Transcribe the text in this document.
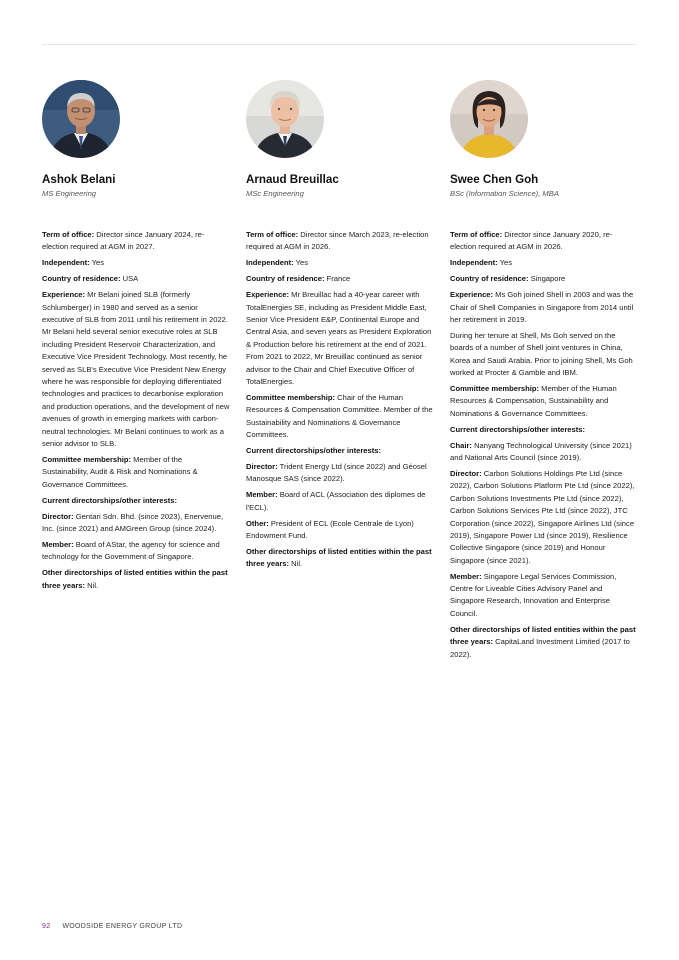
Ashok Belani
MS Engineering

Term of office: Director since January 2024, re-election required at AGM in 2027.

Independent: Yes

Country of residence: USA

Experience: Mr Belani joined SLB (formerly Schlumberger) in 1980 and served as a senior executive of SLB from 2011 until his retirement in 2022. Mr Belani held several senior executive roles at SLB including President Reservoir Characterization, and Executive Vice President Technology. Most recently, he served as SLB's Executive Vice President New Energy where he was responsible for deploying differentiated technologies and practices to decarbonise exploration and production operations, and the development of new avenues of growth in emerging markets with carbon-neutral technologies. Mr Belani continues to work as a senior advisor to SLB.

Committee membership: Member of the Sustainability, Audit & Risk and Nominations & Governance Committees.

Current directorships/other interests:

Director: Gentari Sdn. Bhd. (since 2023), Enervenue, Inc. (since 2021) and AMGreen Group (since 2024).

Member: Board of AStar, the agency for science and technology for the Government of Singapore.

Other directorships of listed entities within the past three years: Nil.

Arnaud Breuillac
MSc Engineering

Term of office: Director since March 2023, re-election required at AGM in 2026.

Independent: Yes

Country of residence: France

Experience: Mr Breuillac had a 40-year career with TotalEnergies SE, including as President Middle East, Senior Vice President E&P, Continental Europe and Central Asia, and seven years as President Exploration & Production before his retirement at the end of 2021. From 2021 to 2022, Mr Breuillac continued as senior advisor to the Chair and Chief Executive Officer of TotalEnergies.

Committee membership: Chair of the Human Resources & Compensation Committee. Member of the Sustainability and Nominations & Governance Committees.

Current directorships/other interests:

Director: Trident Energy Ltd (since 2022) and Géosel Manosque SAS (since 2022).

Member: Board of ACL (Association des diplomes de l'ECL).

Other: President of ECL (Ecole Centrale de Lyon) Endowment Fund.

Other directorships of listed entities within the past three years: Nil.

Swee Chen Goh
BSc (Information Science), MBA

Term of office: Director since January 2020, re-election required at AGM in 2026.

Independent: Yes

Country of residence: Singapore

Experience: Ms Goh joined Shell in 2003 and was the Chair of Shell Companies in Singapore from 2014 until her retirement in 2019.

During her tenure at Shell, Ms Goh served on the boards of a number of Shell joint ventures in China, Korea and Saudi Arabia. Prior to joining Shell, Ms Goh worked at Procter & Gamble and IBM.

Committee membership: Member of the Human Resources & Compensation, Sustainability and Nominations & Governance Committees.

Current directorships/other interests:

Chair: Nanyang Technological University (since 2021) and National Arts Council (since 2019).

Director: Carbon Solutions Holdings Pte Ltd (since 2022), Carbon Solutions Platform Pte Ltd (since 2022), Carbon Solutions Investments Pte Ltd (since 2022), Carbon Solutions Services Pte Ltd (since 2022), JTC Corporation (since 2022), Singapore Airlines Ltd (since 2019), Singapore Power Ltd (since 2019), Resilience Collective Singapore (since 2019) and Honour Singapore (since 2021).

Member: Singapore Legal Services Commission, Centre for Liveable Cities Advisory Panel and Singapore Research, Innovation and Enterprise Council.

Other directorships of listed entities within the past three years: CapitaLand Investment Limited (2017 to 2022).

92 WOODSIDE ENERGY GROUP LTD
